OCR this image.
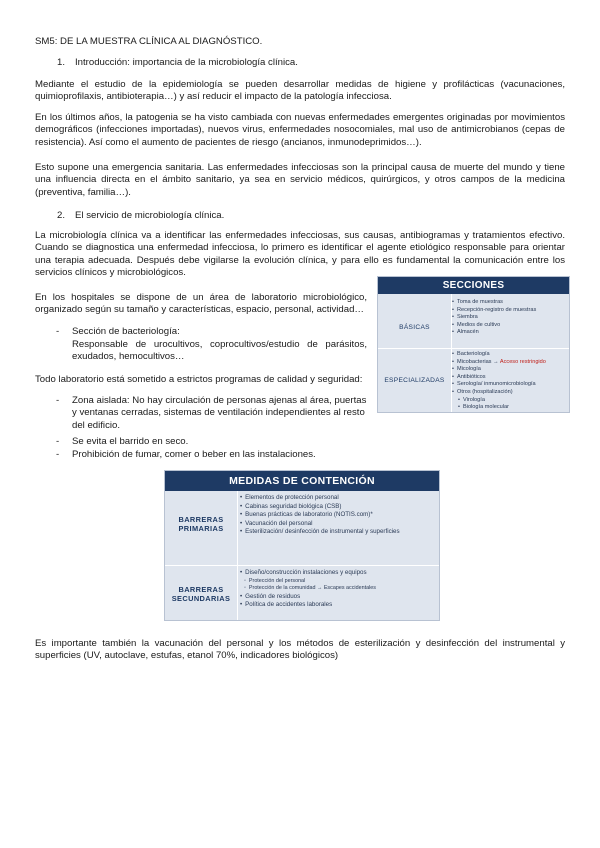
SM5: DE LA MUESTRA CLÍNICA AL DIAGNÓSTICO.
1. Introducción: importancia de la microbiología clínica.
Mediante el estudio de la epidemiología se pueden desarrollar medidas de higiene y profilácticas (vacunaciones, quimioprofilaxis, antibioterapia…) y así reducir el impacto de la patología infecciosa.
En los últimos años, la patogenia se ha visto cambiada con nuevas enfermedades emergentes originadas por movimientos demográficos (infecciones importadas), nuevos virus, enfermedades nosocomiales, mal uso de antimicrobianos (cepas de resistencia). Así como el aumento de pacientes de riesgo (ancianos, inmunodeprimidos…).
Esto supone una emergencia sanitaria. Las enfermedades infecciosas son la principal causa de muerte del mundo y tiene una influencia directa en el ámbito sanitario, ya sea en servicio médicos, quirúrgicos, y otros campos de la medicina (preventiva, familia…).
2. El servicio de microbiología clínica.
La microbiología clínica va a identificar las enfermedades infecciosas, sus causas, antibiogramas y tratamientos efectivo. Cuando se diagnostica una enfermedad infecciosa, lo primero es identificar el agente etiológico responsable para orientar una terapia adecuada. Después debe vigilarse la evolución clínica, y para ello es fundamental la comunicación entre los servicios clínicos y microbiológicos.
En los hospitales se dispone de un área de laboratorio microbiológico, organizado según su tamaño y características, espacio, personal, actividad…
- Sección de bacteriología:
Responsable de urocultivos, coprocultivos/estudio de parásitos, exudados, hemocultivos…
Todo laboratorio está sometido a estrictos programas de calidad y seguridad:
- Zona aislada: No hay circulación de personas ajenas al área, puertas y ventanas cerradas, sistemas de ventilación independientes al resto del edificio.
- Se evita el barrido en seco.
- Prohibición de fumar, comer o beber en las instalaciones.
SECCIONES
BÁSICAS
• Toma de muestras
• Recepción-registro de muestras
• Siembra
• Medios de cultivo
• Almacén
ESPECIALIZADAS
• Bacteriología
• Micobacterias → Acceso restringido
• Micología
• Antibióticos
• Serología/ inmunomicrobiología
• Otros (hospitalización)
• Virología
• Biología molecular
MEDIDAS DE CONTENCIÓN
BARRERAS
PRIMARIAS
• Elementos de protección personal
• Cabinas seguridad biológica (CSB)
• Buenas prácticas de laboratorio (NOTIS.com)*
• Vacunación del personal
• Esterilización/ desinfección de instrumental y superficies
BARRERAS
SECUNDARIAS
• Diseño/construcción instalaciones y equipos
◦ Protección del personal
◦ Protección de la comunidad → Escapes accidentales
• Gestión de residuos
• Política de accidentes laborales
Es importante también la vacunación del personal y los métodos de esterilización y desinfección del instrumental y superficies (UV, autoclave, estufas, etanol 70%, indicadores biológicos)
